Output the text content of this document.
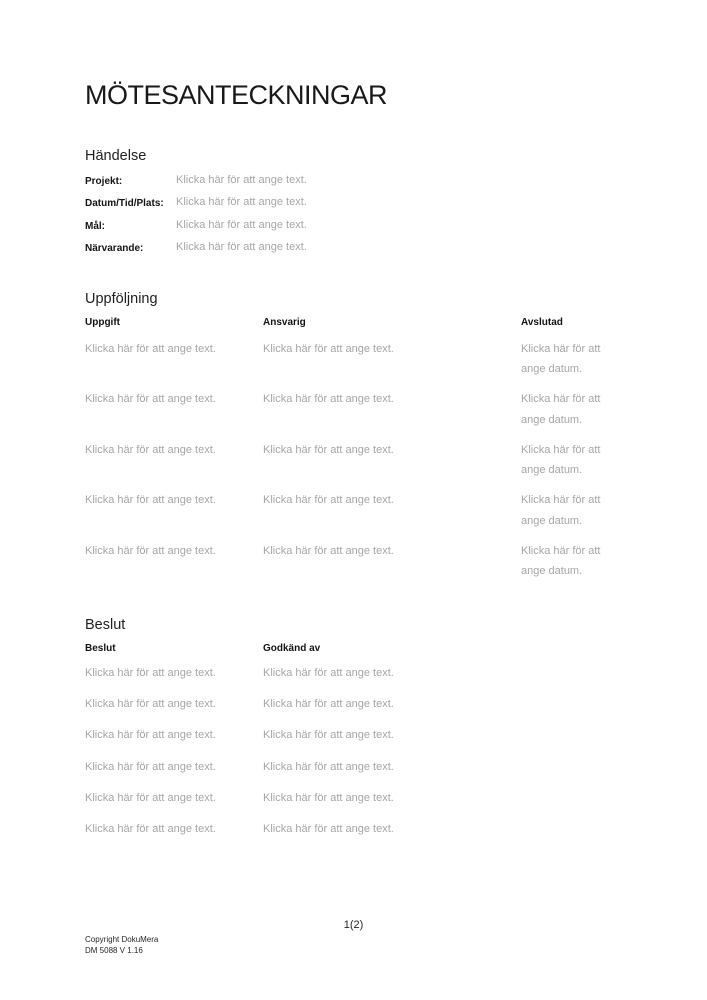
MÖTESANTECKNINGAR
Händelse
Projekt:	Klicka här för att ange text.
Datum/Tid/Plats:	Klicka här för att ange text.
Mål:	Klicka här för att ange text.
Närvarande:	Klicka här för att ange text.
Uppföljning
Uppgift	Ansvarig	Avslutad
Klicka här för att ange text.	Klicka här för att ange text.	Klicka här för att ange datum.
Klicka här för att ange text.	Klicka här för att ange text.	Klicka här för att ange datum.
Klicka här för att ange text.	Klicka här för att ange text.	Klicka här för att ange datum.
Klicka här för att ange text.	Klicka här för att ange text.	Klicka här för att ange datum.
Klicka här för att ange text.	Klicka här för att ange text.	Klicka här för att ange datum.
Beslut
Beslut	Godkänd av
Klicka här för att ange text.	Klicka här för att ange text.
Klicka här för att ange text.	Klicka här för att ange text.
Klicka här för att ange text.	Klicka här för att ange text.
Klicka här för att ange text.	Klicka här för att ange text.
Klicka här för att ange text.	Klicka här för att ange text.
Klicka här för att ange text.	Klicka här för att ange text.
1(2)
Copyright DokuMera
DM 5088 V 1.16
